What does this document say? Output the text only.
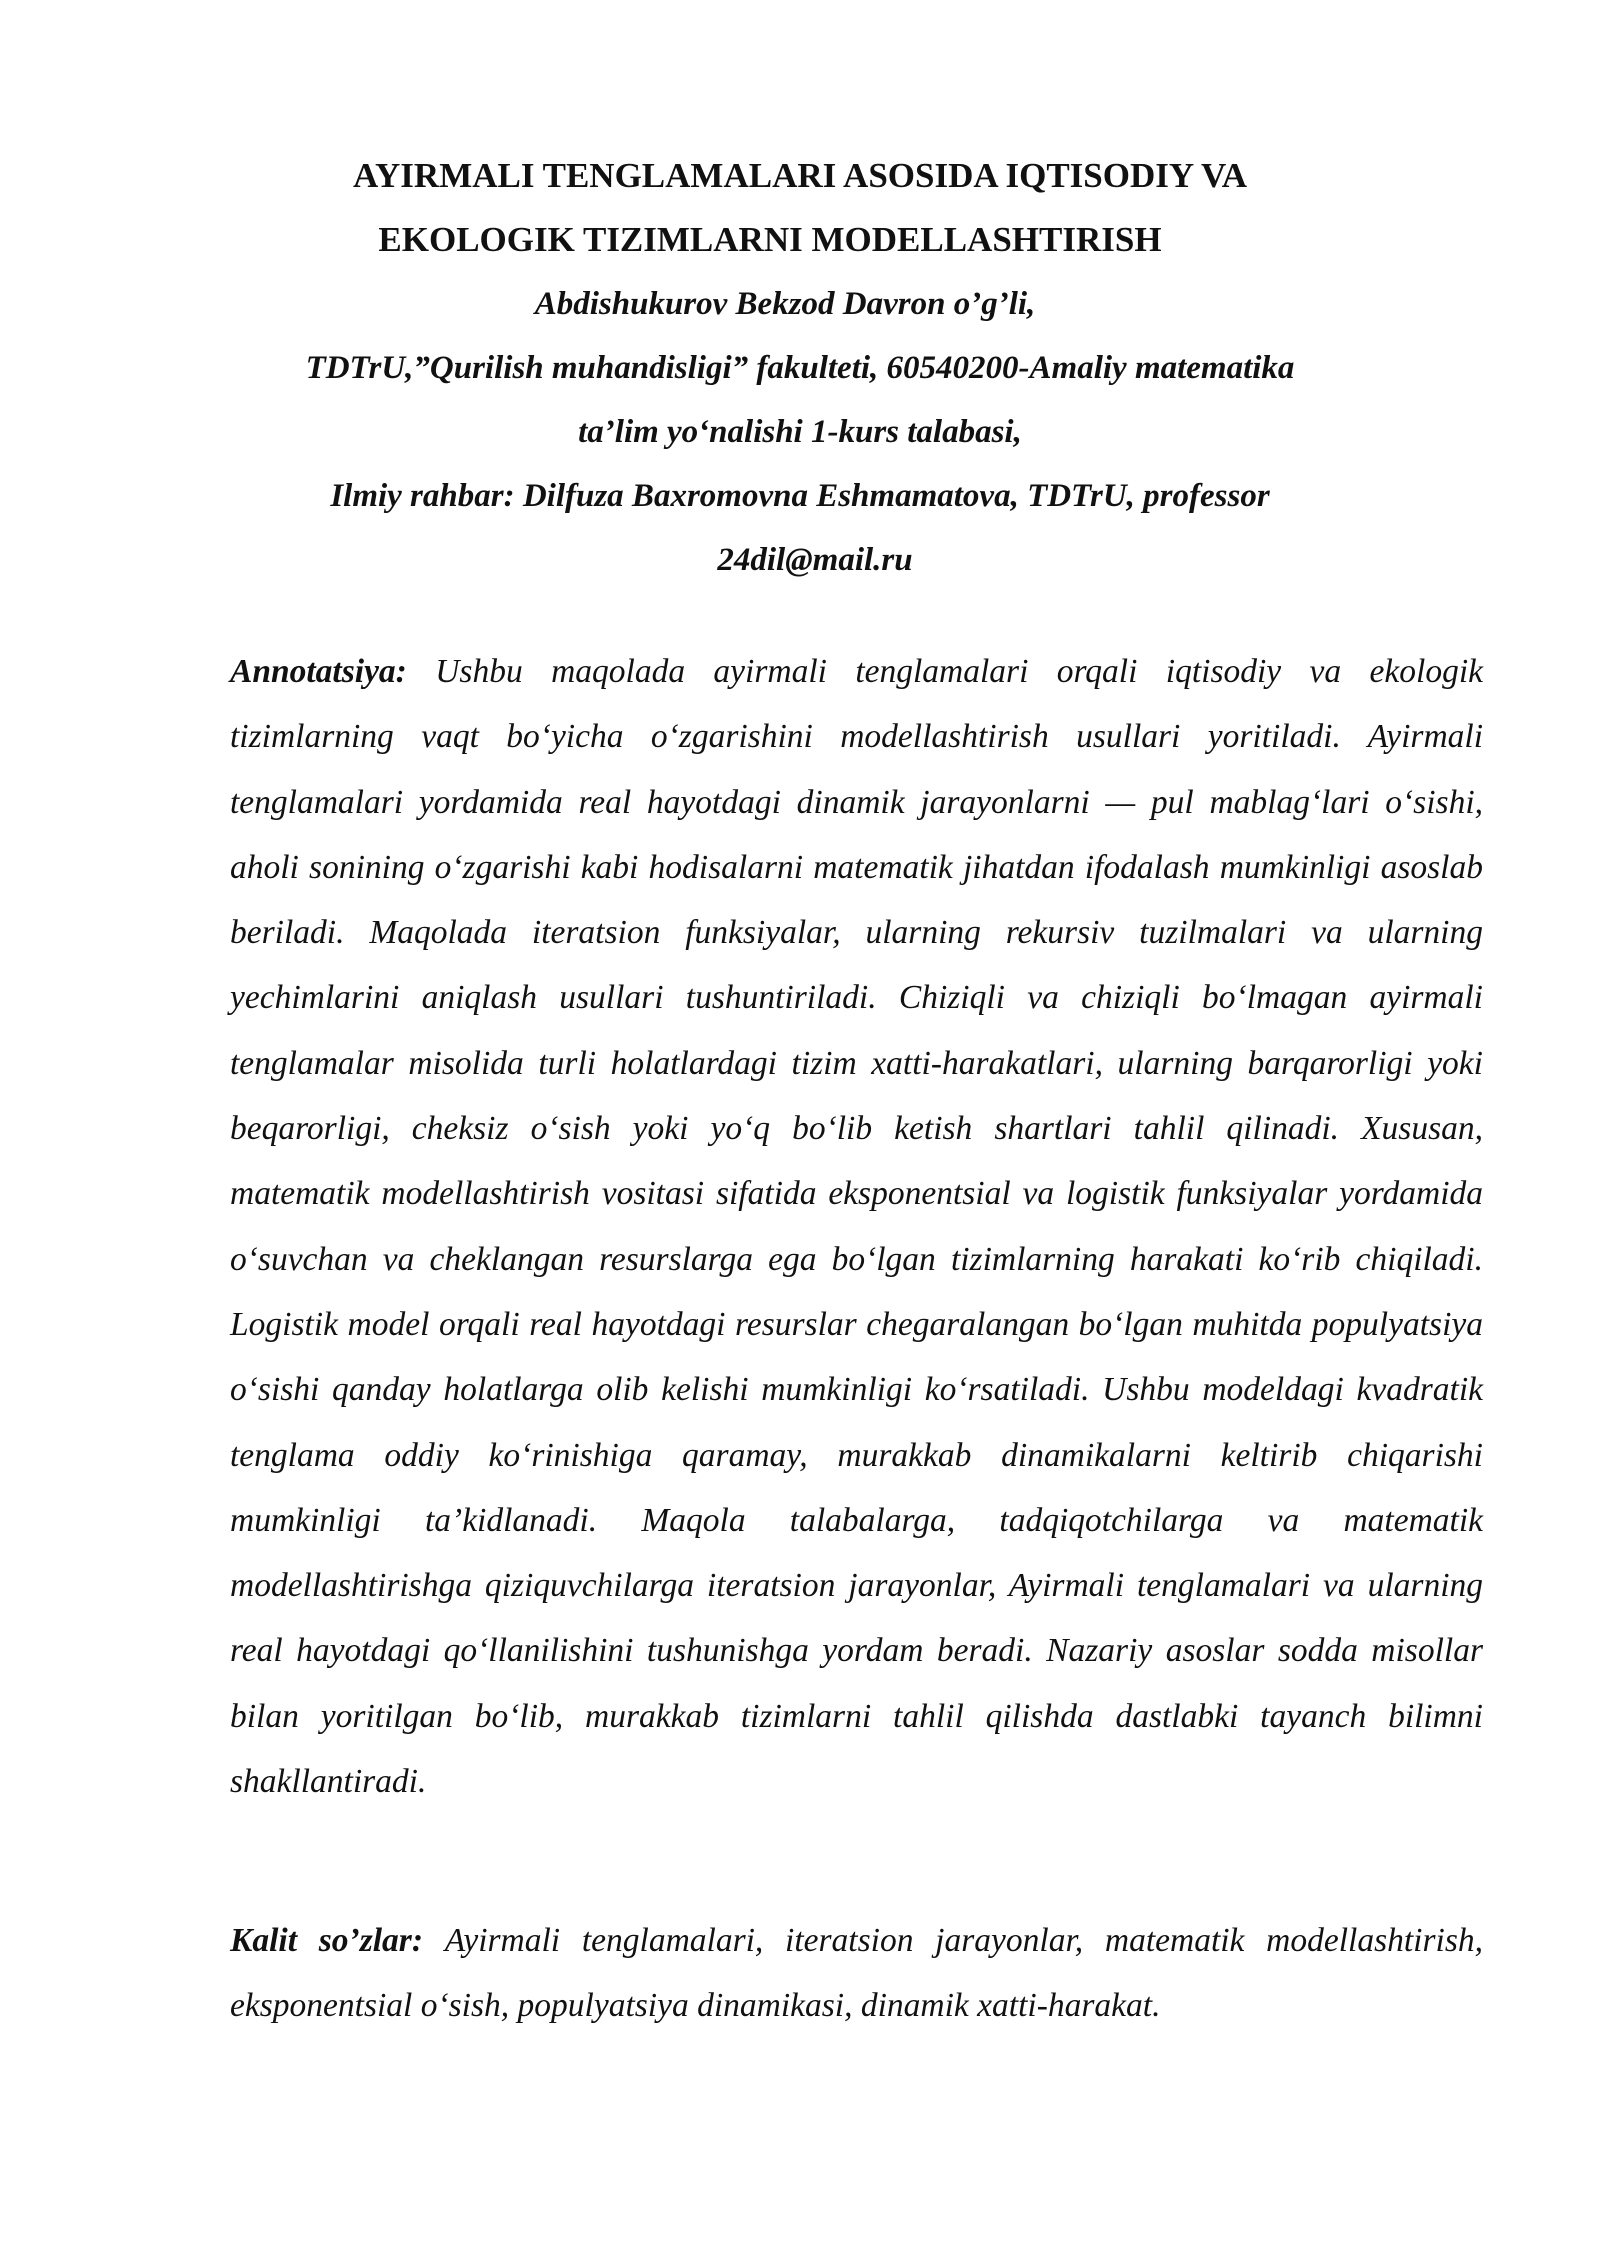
AYIRMALI TENGLAMALARI ASOSIDA IQTISODIY VA
EKOLOGIK TIZIMLARNI MODELLASHTIRISH
Abdishukurov Bekzod Davron o’g’li,
TDTrU,”Qurilish muhandisligi” fakulteti, 60540200-Amaliy matematika
ta’lim yo‘nalishi 1-kurs talabasi,
Ilmiy rahbar: Dilfuza Baxromovna Eshmamatova, TDTrU, professor
24dil@mail.ru

Annotatsiya: Ushbu maqolada ayirmali tenglamalari orqali iqtisodiy va ekologik tizimlarning vaqt bo‘yicha o‘zgarishini modellashtirish usullari yoritiladi. Ayirmali tenglamalari yordamida real hayotdagi dinamik jarayonlarni — pul mablag‘lari o‘sishi, aholi sonining o‘zgarishi kabi hodisalarni matematik jihatdan ifodalash mumkinligi asoslab beriladi. Maqolada iteratsion funksiyalar, ularning rekursiv tuzilmalari va ularning yechimlarini aniqlash usullari tushuntiriladi. Chiziqli va chiziqli bo‘lmagan ayirmali tenglamalar misolida turli holatlardagi tizim xatti-harakatlari, ularning barqarorligi yoki beqarorligi, cheksiz o‘sish yoki yo‘q bo‘lib ketish shartlari tahlil qilinadi. Xususan, matematik modellashtirish vositasi sifatida eksponentsial va logistik funksiyalar yordamida o‘suvchan va cheklangan resurslarga ega bo‘lgan tizimlarning harakati ko‘rib chiqiladi. Logistik model orqali real hayotdagi resurslar chegaralangan bo‘lgan muhitda populyatsiya o‘sishi qanday holatlarga olib kelishi mumkinligi ko‘rsatiladi. Ushbu modeldagi kvadratik tenglama oddiy ko‘rinishiga qaramay, murakkab dinamikalarni keltirib chiqarishi mumkinligi ta’kidlanadi. Maqola talabalarga, tadqiqotchilarga va matematik modellashtirishga qiziquvchilarga iteratsion jarayonlar, Ayirmali tenglamalari va ularning real hayotdagi qo‘llanilishini tushunishga yordam beradi. Nazariy asoslar sodda misollar bilan yoritilgan bo‘lib, murakkab tizimlarni tahlil qilishda dastlabki tayanch bilimni shakllantiradi.

Kalit so’zlar: Ayirmali tenglamalari, iteratsion jarayonlar, matematik modellashtirish, eksponentsial o‘sish, populyatsiya dinamikasi, dinamik xatti-harakat.
